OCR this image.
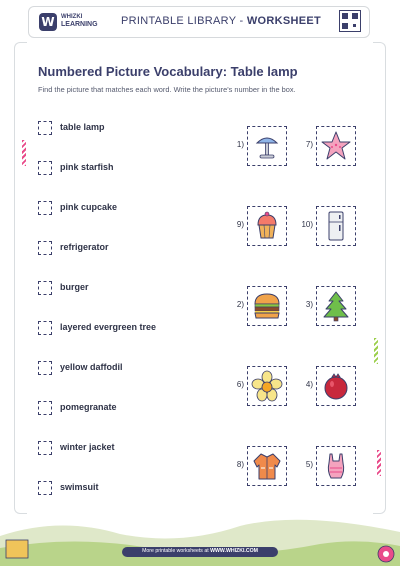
W	WHIZKI
LEARNING PRINTABLE LIBRARY - WORKSHEET
Numbered Picture Vocabulary: Table lamp
Find the picture that matches each word. Write the picture's number in the box.
table lamp
pink starfish
pink cupcake
refrigerator
burger
layered evergreen tree
yellow daffodil
pomegranate
winter jacket
swimsuit
1)	7)
9)	10)
2)	3)
6)	4)
8)	5)
More printable worksheets at WWW.WHIZKI.COM
